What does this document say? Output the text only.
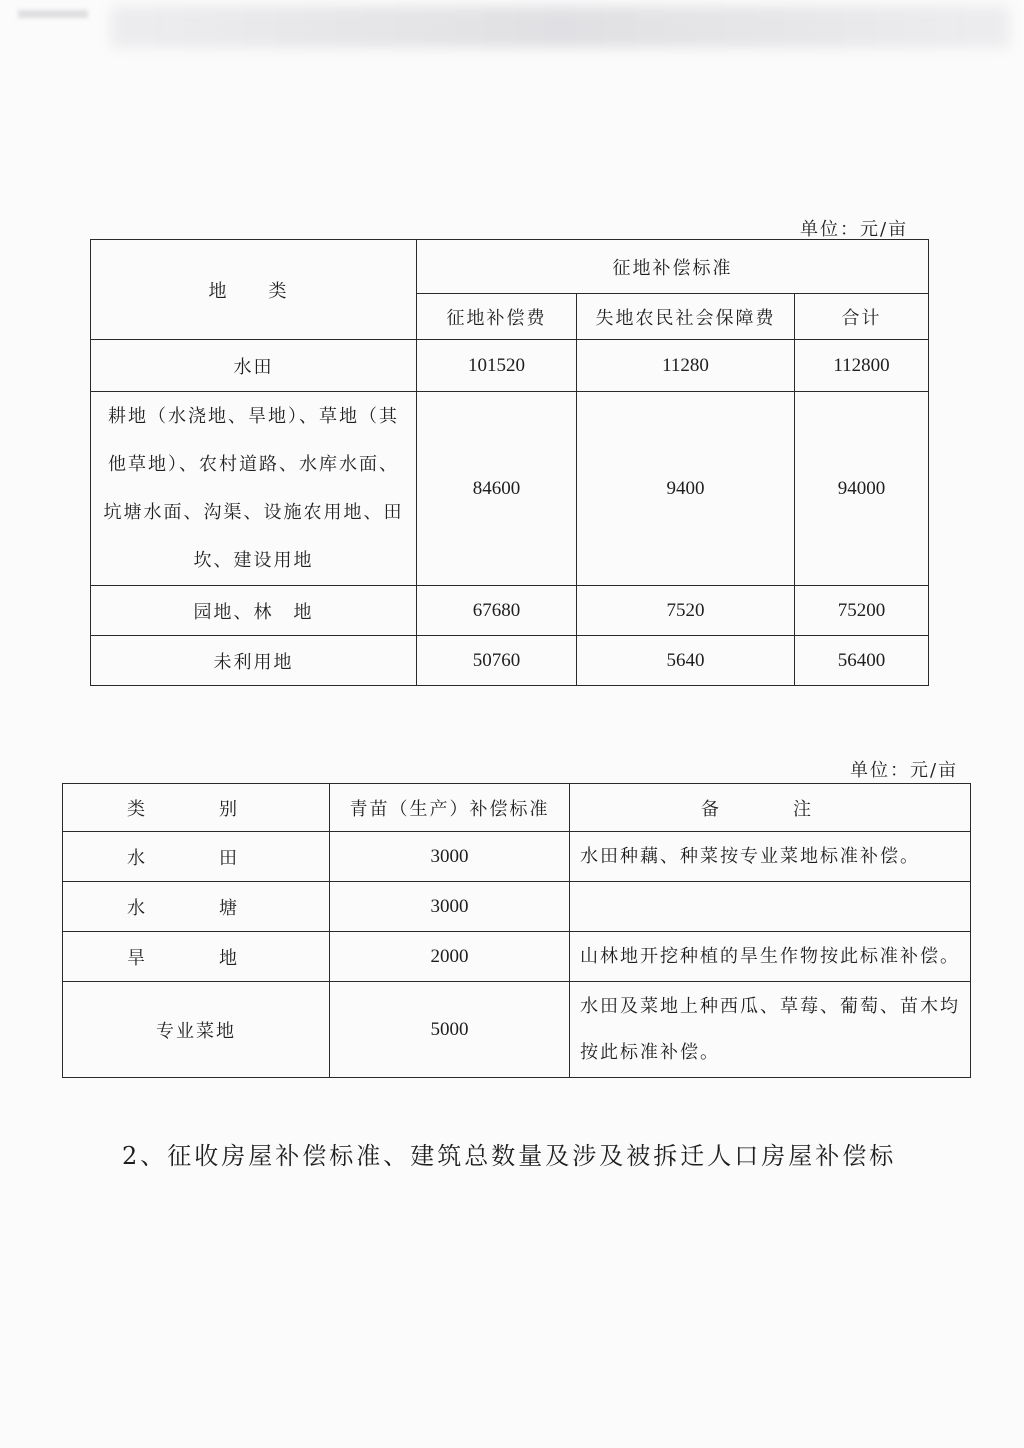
单位：元/亩
地　类	征地补偿标准		
	征地补偿费	失地农民社会保障费	合计
水田	101520	11280	112800
耕地（水浇地、旱地）、草地（其他草地）、农村道路、水库水面、坑塘水面、沟渠、设施农用地、田坎、建设用地	84600	9400	94000
园地、林　地	67680	7520	75200
未利用地	50760	5640	56400
单位：元/亩
类　别	青苗（生产）补偿标准	备　注
水　田	3000	水田种藕、种菜按专业菜地标准补偿。
水　塘	3000	
旱　地	2000	山林地开挖种植的旱生作物按此标准补偿。
专业菜地	5000	水田及菜地上种西瓜、草莓、葡萄、苗木均按此标准补偿。
2、征收房屋补偿标准、建筑总数量及涉及被拆迁人口房屋补偿标
